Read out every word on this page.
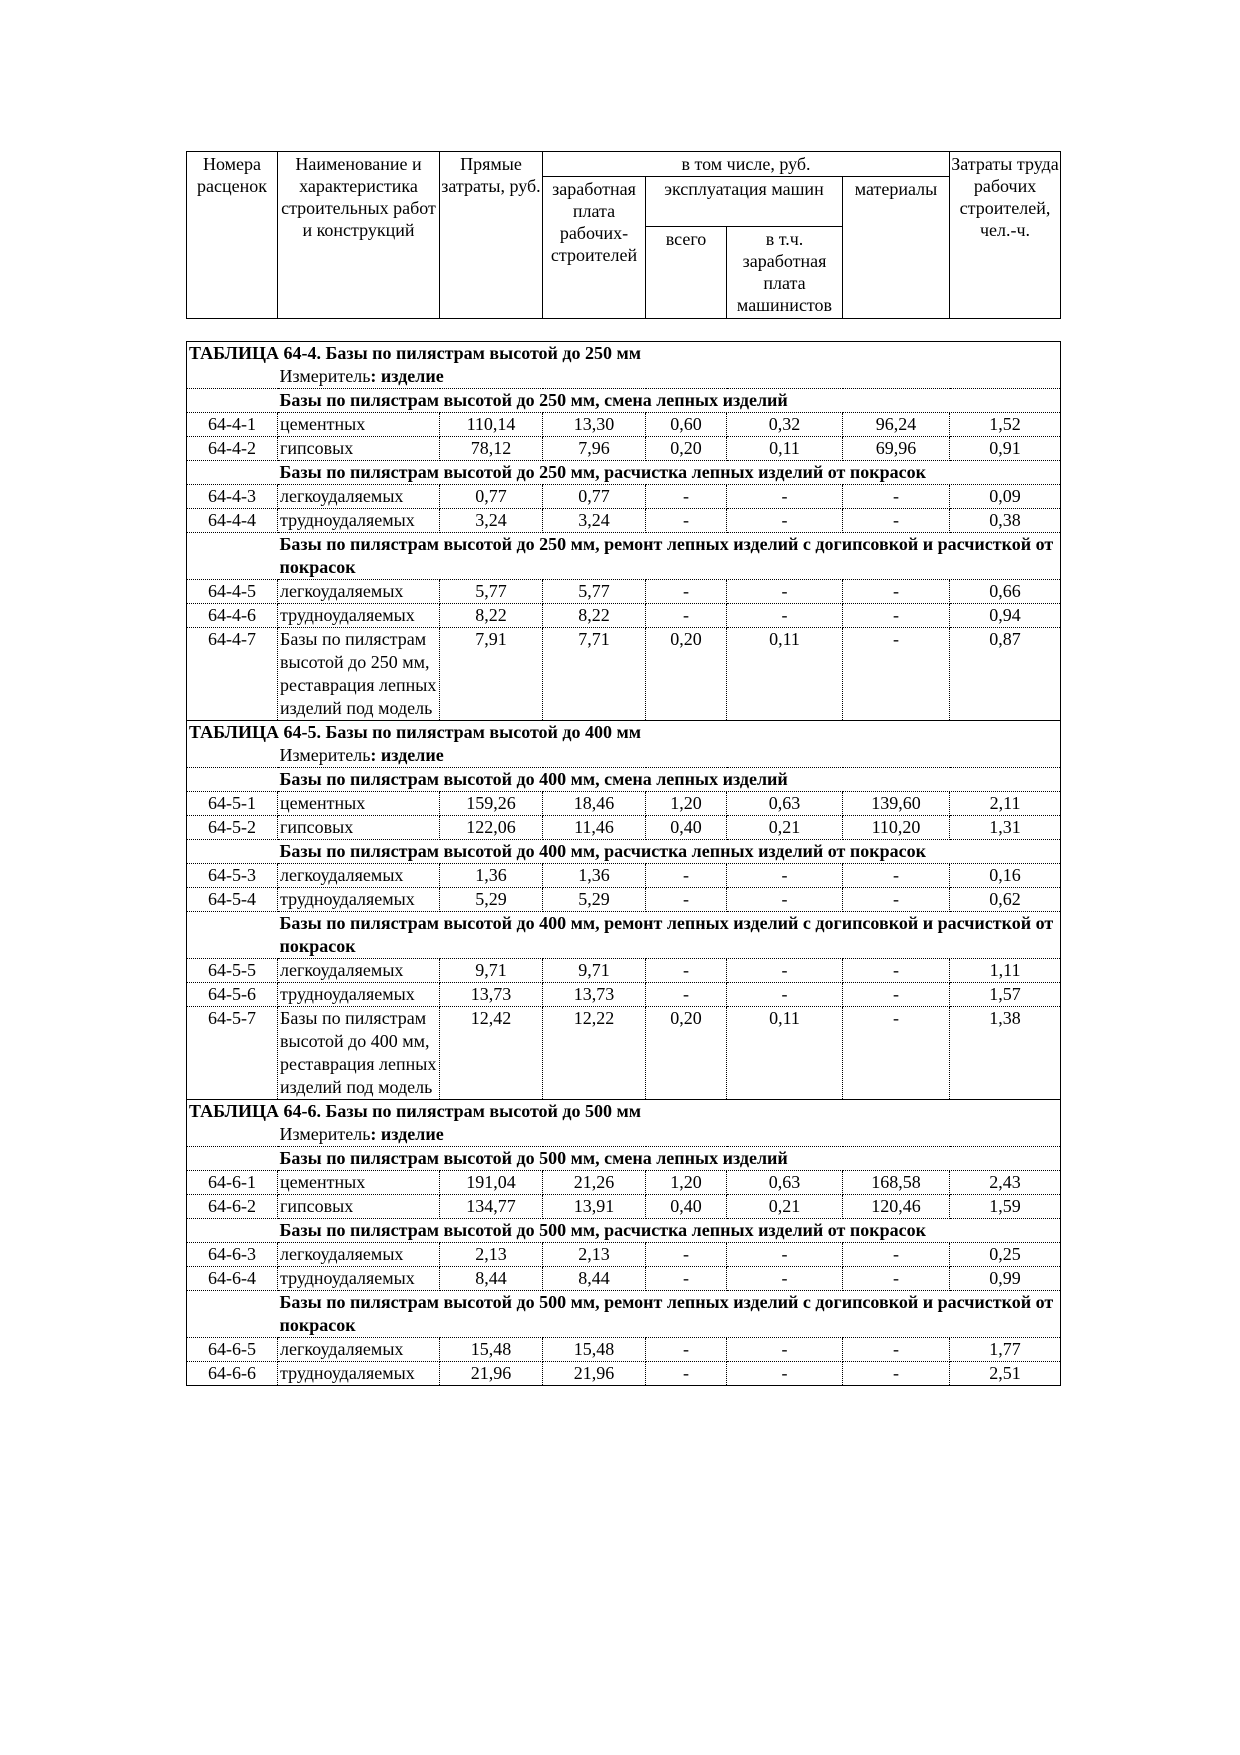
Номера расценок	Наименование и характеристика строительных работ и конструкций	Прямые затраты, руб.	в том числе, руб.				Затраты труда рабочих строителей, чел.-ч.
			заработная плата рабочих-строителей	эксплуатация машин		материалы	
				всего	в т.ч. заработная плата машинистов		
ТАБЛИЦА 64-4. Базы по пилястрам высотой до 250 мм							
	Измеритель: изделие						
	Базы по пилястрам высотой до 250 мм, смена лепных изделий						
64-4-1	цементных	110,14	13,30	0,60	0,32	96,24	1,52
64-4-2	гипсовых	78,12	7,96	0,20	0,11	69,96	0,91
	Базы по пилястрам высотой до 250 мм, расчистка лепных изделий от покрасок						
64-4-3	легкоудаляемых	0,77	0,77	-	-	-	0,09
64-4-4	трудноудаляемых	3,24	3,24	-	-	-	0,38
	Базы по пилястрам высотой до 250 мм, ремонт лепных изделий с догипсовкой и расчисткой от покрасок						
64-4-5	легкоудаляемых	5,77	5,77	-	-	-	0,66
64-4-6	трудноудаляемых	8,22	8,22	-	-	-	0,94
64-4-7	Базы по пилястрам высотой до 250 мм, реставрация лепных изделий под модель	7,91	7,71	0,20	0,11	-	0,87
ТАБЛИЦА 64-5. Базы по пилястрам высотой до 400 мм							
	Измеритель: изделие						
	Базы по пилястрам высотой до 400 мм, смена лепных изделий						
64-5-1	цементных	159,26	18,46	1,20	0,63	139,60	2,11
64-5-2	гипсовых	122,06	11,46	0,40	0,21	110,20	1,31
	Базы по пилястрам высотой до 400 мм, расчистка лепных изделий от покрасок						
64-5-3	легкоудаляемых	1,36	1,36	-	-	-	0,16
64-5-4	трудноудаляемых	5,29	5,29	-	-	-	0,62
	Базы по пилястрам высотой до 400 мм, ремонт лепных изделий с догипсовкой и расчисткой от покрасок						
64-5-5	легкоудаляемых	9,71	9,71	-	-	-	1,11
64-5-6	трудноудаляемых	13,73	13,73	-	-	-	1,57
64-5-7	Базы по пилястрам высотой до 400 мм, реставрация лепных изделий под модель	12,42	12,22	0,20	0,11	-	1,38
ТАБЛИЦА 64-6. Базы по пилястрам высотой до 500 мм							
	Измеритель: изделие						
	Базы по пилястрам высотой до 500 мм, смена лепных изделий						
64-6-1	цементных	191,04	21,26	1,20	0,63	168,58	2,43
64-6-2	гипсовых	134,77	13,91	0,40	0,21	120,46	1,59
	Базы по пилястрам высотой до 500 мм, расчистка лепных изделий от покрасок						
64-6-3	легкоудаляемых	2,13	2,13	-	-	-	0,25
64-6-4	трудноудаляемых	8,44	8,44	-	-	-	0,99
	Базы по пилястрам высотой до 500 мм, ремонт лепных изделий с догипсовкой и расчисткой от покрасок						
64-6-5	легкоудаляемых	15,48	15,48	-	-	-	1,77
64-6-6	трудноудаляемых	21,96	21,96	-	-	-	2,51
